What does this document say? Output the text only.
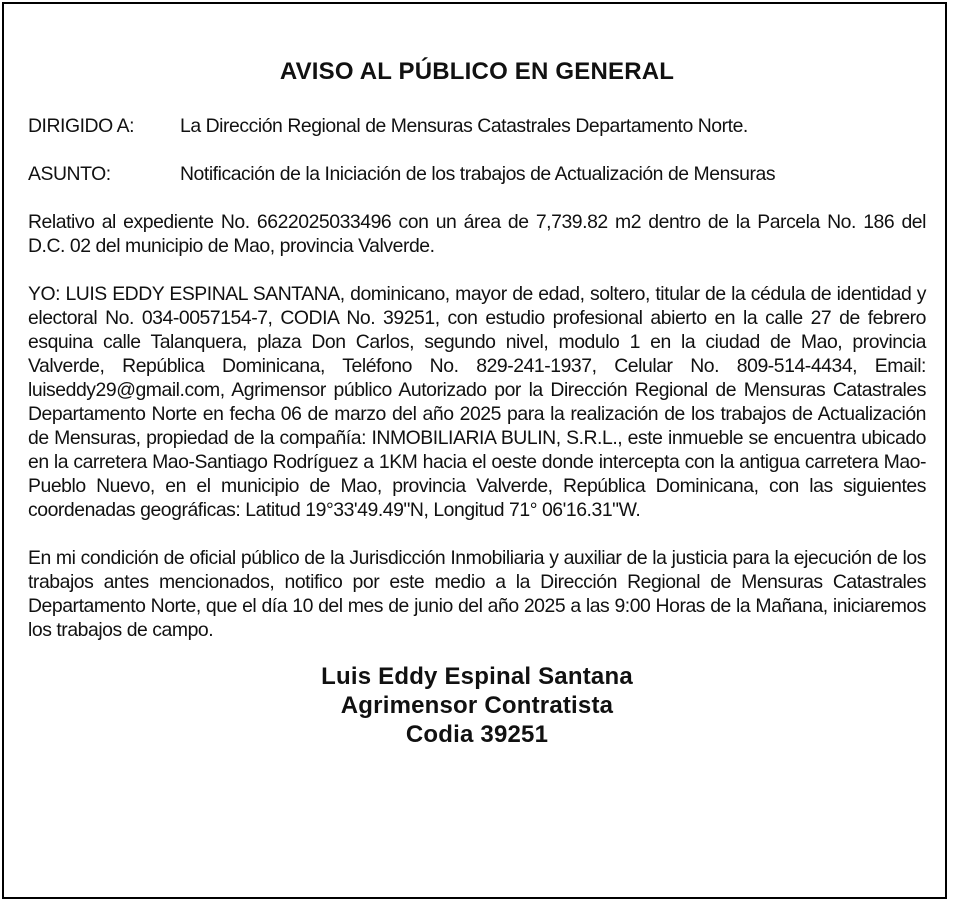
AVISO AL PÚBLICO EN GENERAL

DIRIGIDO A: La Dirección Regional de Mensuras Catastrales Departamento Norte.

ASUNTO:	Notificación de la Iniciación de los trabajos de Actualización de Mensuras

Relativo al expediente No. 6622025033496 con un área de 7,739.82 m2 dentro de la Parcela No. 186 del D.C. 02 del municipio de Mao, provincia Valverde.

YO: LUIS EDDY ESPINAL SANTANA, dominicano, mayor de edad, soltero, titular de la cédula de identidad y electoral No. 034-0057154-7, CODIA No. 39251, con estudio profesional abierto en la calle 27 de febrero esquina calle Talanquera, plaza Don Carlos, segundo nivel, modulo 1 en la ciudad de Mao, provincia Valverde, República Dominicana, Teléfono No. 829-241-1937, Celular No. 809-514-4434, Email: luiseddy29@gmail.com, Agrimensor público Autorizado por la Dirección Regional de Mensuras Catastrales Departamento Norte en fecha 06 de marzo del año 2025 para la realización de los trabajos de Actualización de Mensuras, propiedad de la compañía: INMOBILIARIA BULIN, S.R.L., este inmueble se encuentra ubicado en la carretera Mao-Santiago Rodríguez a 1KM hacia el oeste donde intercepta con la antigua carretera Mao- Pueblo Nuevo, en el municipio de Mao, provincia Valverde, República Dominicana, con las siguientes coordenadas geográficas: Latitud 19°33'49.49"N, Longitud 71° 06'16.31"W.

En mi condición de oficial público de la Jurisdicción Inmobiliaria y auxiliar de la justicia para la ejecución de los trabajos antes mencionados, notifico por este medio a la Dirección Regional de Mensuras Catastrales Departamento Norte, que el día 10 del mes de junio del año 2025 a las 9:00 Horas de la Mañana, iniciaremos los trabajos de campo.

Luis Eddy Espinal Santana
Agrimensor Contratista
Codia 39251
